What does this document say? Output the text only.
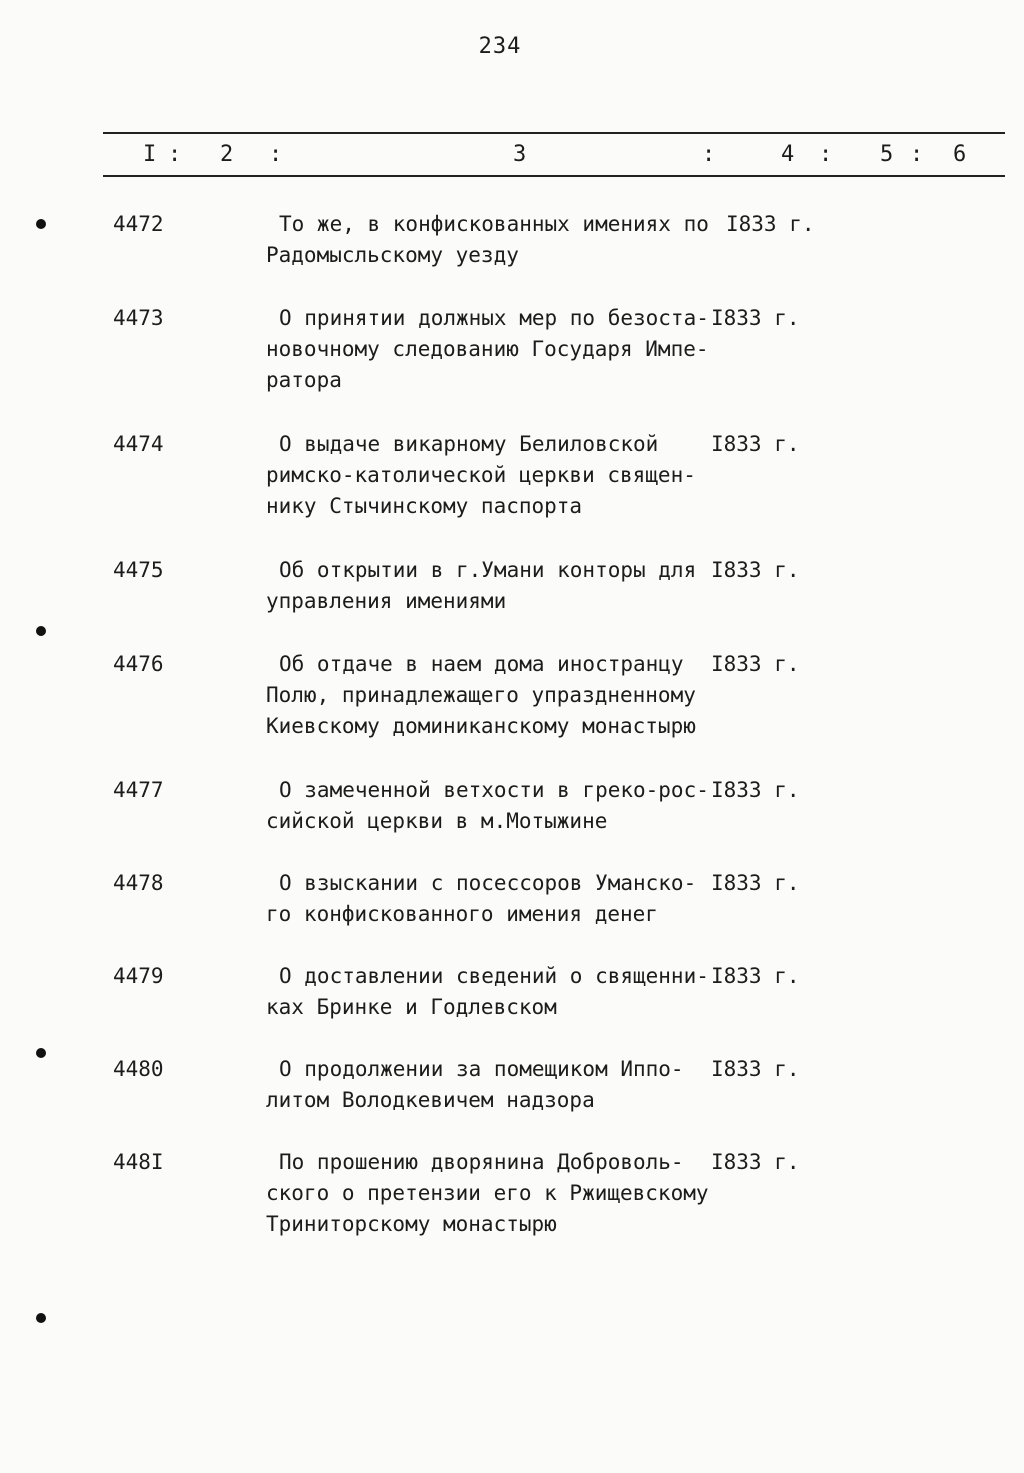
234
I : 2 :	3	:	4 : 5 : 6
4472	То же, в конфискованных имениях по
Радомысльскому уезду
I833 г.
4473	О принятии должных мер по безоста-
новочному следованию Государя Импе-
ратора
I833 г.
4474	О выдаче викарному Белиловской
римско-католической церкви священ-
нику Стычинскому паспорта
I833 г.
4475	Об открытии в г.Умани конторы для
управления имениями
I833 г.
4476	Об отдаче в наем дома иностранцу
Полю, принадлежащего упраздненному
Киевскому доминиканскому монастырю
I833 г.
4477	О замеченной ветхости в греко-рос-
сийской церкви в м.Мотыжине
I833 г.
4478	О взыскании с посессоров Уманско-
го конфискованного имения денег
I833 г.
4479	О доставлении сведений о священни-
ках Бринке и Годлевском
I833 г.
4480	О продолжении за помещиком Иппо-
литом Володкевичем надзора
I833 г.
448I	По прошению дворянина Доброволь-
ского о претензии его к Ржищевскому
Триниторскому монастырю
I833 г.
